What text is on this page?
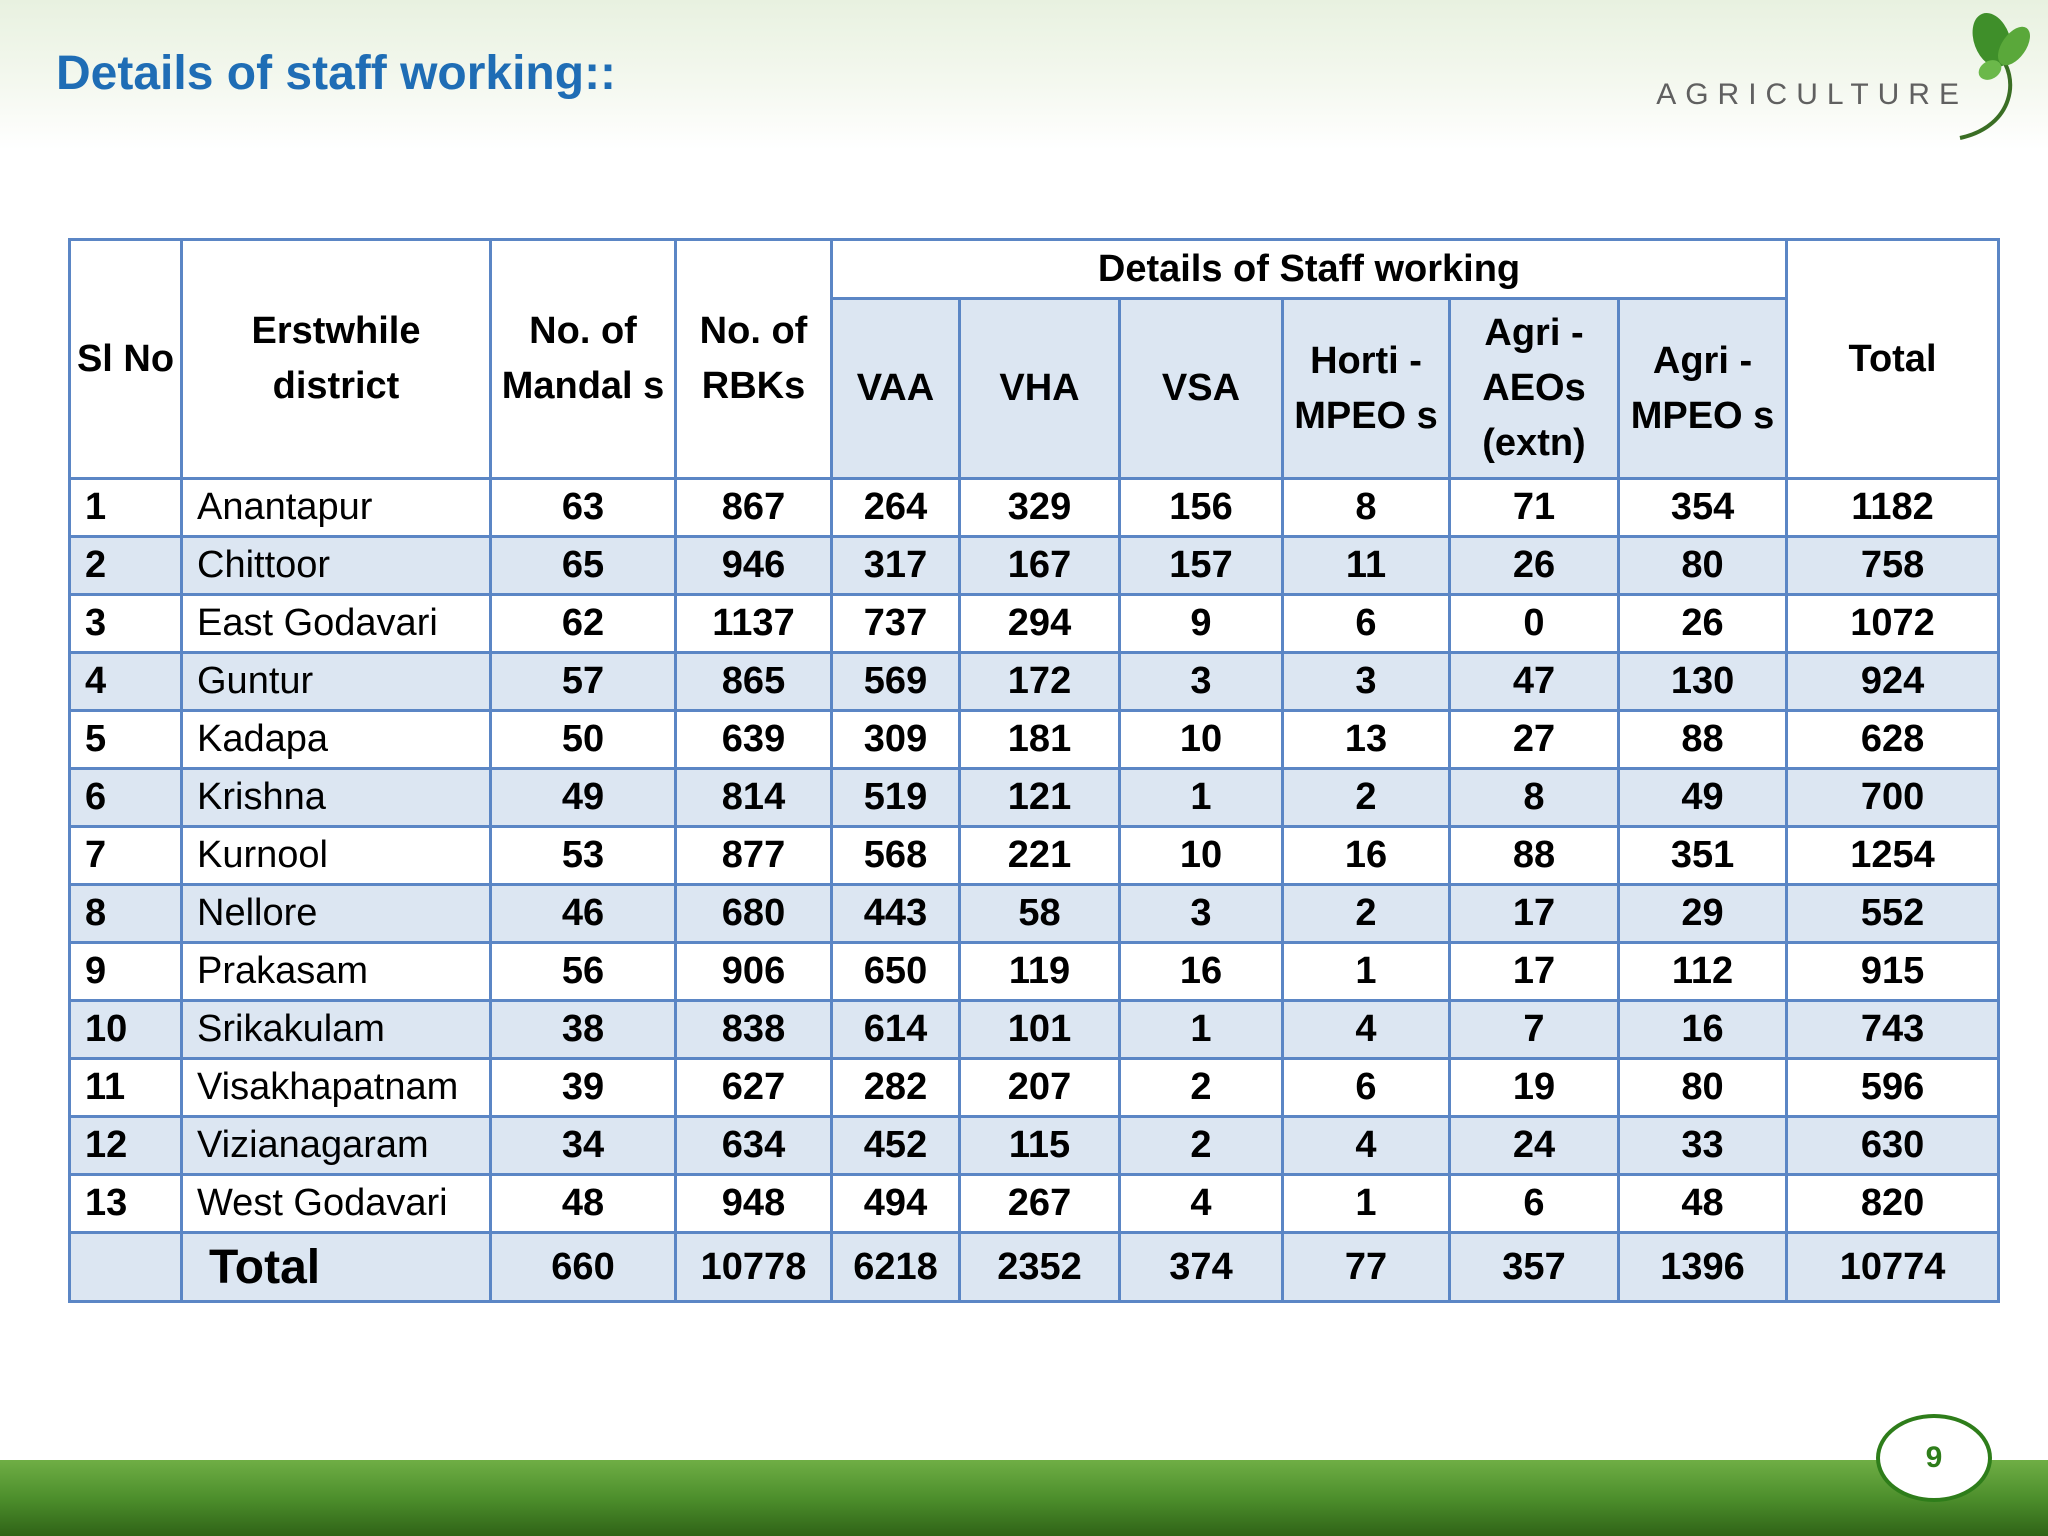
Details of staff working::	AGRICULTURE
Sl No	Erstwhile district	No. of Mandal s	No. of RBKs	Details of Staff working						Total
				VAA	VHA	VSA	Horti - MPEO s	Agri - AEOs (extn)	Agri - MPEO s	
1	Anantapur	63	867	264	329	156	8	71	354	1182
2	Chittoor	65	946	317	167	157	11	26	80	758
3	East Godavari	62	1137	737	294	9	6	0	26	1072
4	Guntur	57	865	569	172	3	3	47	130	924
5	Kadapa	50	639	309	181	10	13	27	88	628
6	Krishna	49	814	519	121	1	2	8	49	700
7	Kurnool	53	877	568	221	10	16	88	351	1254
8	Nellore	46	680	443	58	3	2	17	29	552
9	Prakasam	56	906	650	119	16	1	17	112	915
10	Srikakulam	38	838	614	101	1	4	7	16	743
11	Visakhapatnam	39	627	282	207	2	6	19	80	596
12	Vizianagaram	34	634	452	115	2	4	24	33	630
13	West Godavari	48	948	494	267	4	1	6	48	820
	Total	660	10778	6218	2352	374	77	357	1396	10774
9
